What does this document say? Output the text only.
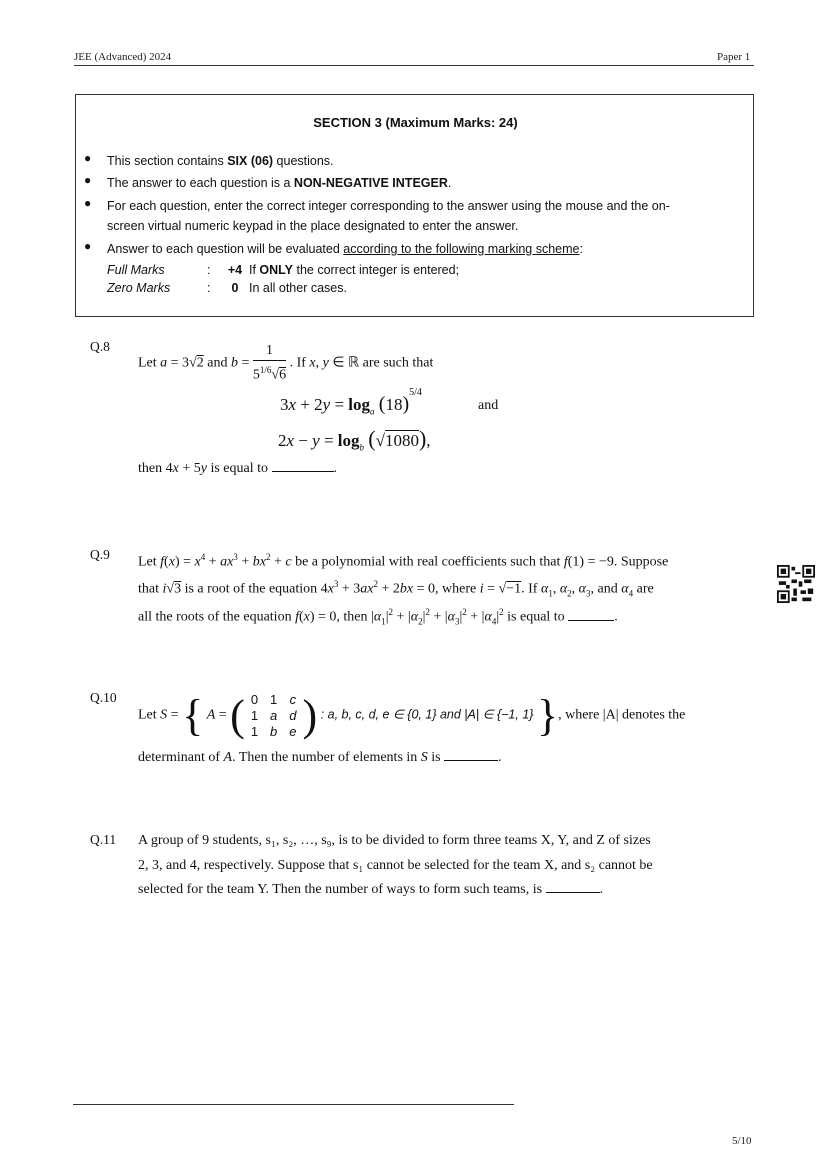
JEE (Advanced) 2024	Paper 1
SECTION 3 (Maximum Marks: 24)
● This section contains SIX (06) questions.
● The answer to each question is a NON-NEGATIVE INTEGER.
● For each question, enter the correct integer corresponding to the answer using the mouse and the on-
screen virtual numeric keypad in the place designated to enter the answer.
● Answer to each question will be evaluated according to the following marking scheme:
Full Marks	: +4 If ONLY the correct integer is entered;
Zero Marks	: 0 In all other cases.
Q.8
Let a = 3√2 and $b = \frac{1}{5^{1/6}√6}$ . If x, y ∈ ℝ are such that
$3x + 2y = \log_a (18)^{5/4}$
and
$2x - y = \log_b (√1080)$,
then 4x + 5y is equal to	.
Q.9
Let $f(x) = x^4 + ax^3 + bx^2 + c$ be a polynomial with real coefficients such that f(1) = −9. Suppose
that i√3 is a root of the equation $4x^3 + 3ax^2 + 2bx = 0$, where i = √−1. If $\alpha_1$, $\alpha_2$, $\alpha_3$, and $\alpha_4$ are
all the roots of the equation f(x) = 0, then $|\alpha_1|^2 + |\alpha_2|^2 + |\alpha_3|^2 + |\alpha_4|^2$ is equal to	.
Q.10
Let S = { A = ( 0	1	c
1	a	d
1	b	e ) : a, b, c, d, e ∈ {0, 1} and |A| ∈ {−1, 1} }, where |A| denotes the
determinant of A. Then the number of elements in S is	.
Q.11 A group of 9 students, s₁, s₂, …, s₉, is to be divided to form three teams X, Y, and Z of sizes
2, 3, and 4, respectively. Suppose that s₁ cannot be selected for the team X, and s₂ cannot be
selected for the team Y. Then the number of ways to form such teams, is	.
5/10
